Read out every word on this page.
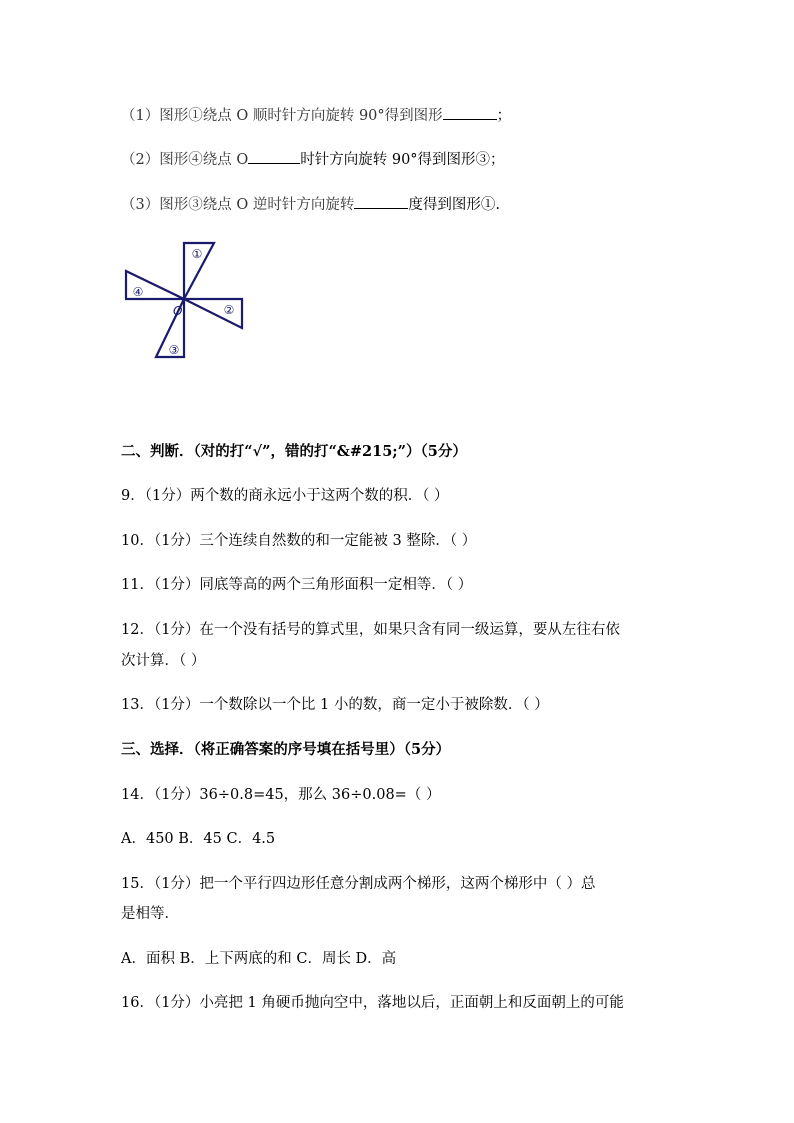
（1）图形①绕点 O 顺时针方向旋转 90°得到图形	；
（2）图形④绕点 O	时针方向旋转 90°得到图形③；
（3）图形③绕点 O 逆时针方向旋转	度得到图形①.
①
②
③
④
O
二、判断．（对的打“√”，错的打“&#215;”）（5分）
9．（1分）两个数的商永远小于这两个数的积．（ ）
10．（1分）三个连续自然数的和一定能被 3 整除．（ ）
11．（1分）同底等高的两个三角形面积一定相等．（ ）
12．（1分）在一个没有括号的算式里，如果只含有同一级运算，要从左往右依
次计算．（ ）
13．（1分）一个数除以一个比 1 小的数，商一定小于被除数．（ ）
三、选择．（将正确答案的序号填在括号里）（5分）
14．（1分）36÷0.8=45，那么 36÷0.08=（ ）
A．450 B．45 C．4.5
15．（1分）把一个平行四边形任意分割成两个梯形，这两个梯形中（ ）总
是相等．
A．面积 B．上下两底的和 C．周长 D．高
16．（1分）小亮把 1 角硬币抛向空中，落地以后，正面朝上和反面朝上的可能
